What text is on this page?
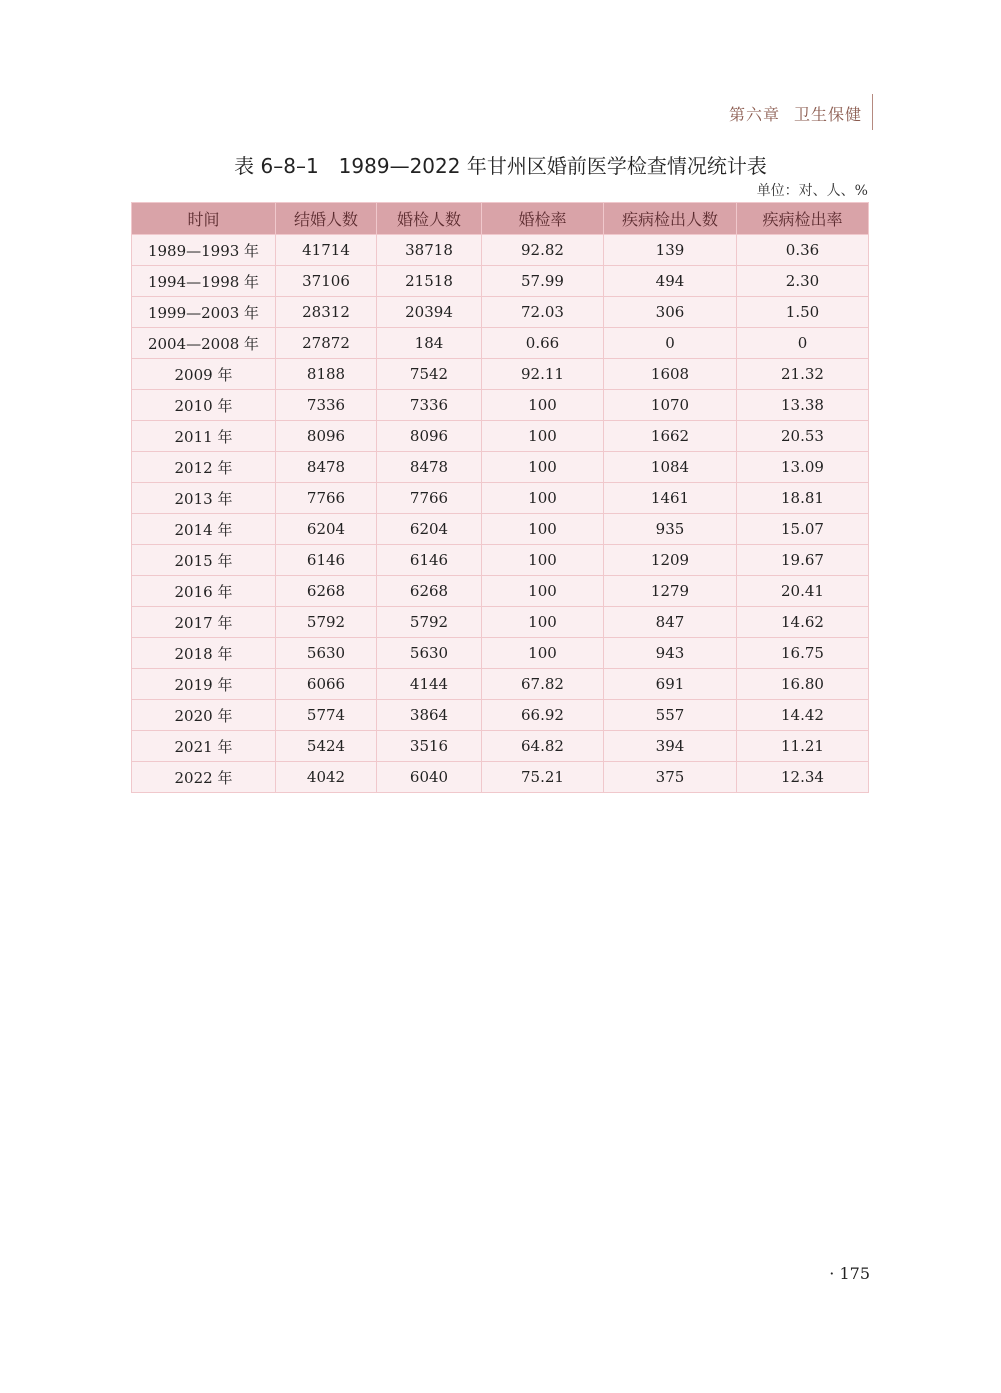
第六章 卫生保健
表 6–8–1　1989—2022 年甘州区婚前医学检查情况统计表
单位：对、人、%
时间	结婚人数	婚检人数	婚检率	疾病检出人数	疾病检出率
1989—1993 年	41714	38718	92.82	139	0.36
1994—1998 年	37106	21518	57.99	494	2.30
1999—2003 年	28312	20394	72.03	306	1.50
2004—2008 年	27872	184	0.66	0	0
2009 年	8188	7542	92.11	1608	21.32
2010 年	7336	7336	100	1070	13.38
2011 年	8096	8096	100	1662	20.53
2012 年	8478	8478	100	1084	13.09
2013 年	7766	7766	100	1461	18.81
2014 年	6204	6204	100	935	15.07
2015 年	6146	6146	100	1209	19.67
2016 年	6268	6268	100	1279	20.41
2017 年	5792	5792	100	847	14.62
2018 年	5630	5630	100	943	16.75
2019 年	6066	4144	67.82	691	16.80
2020 年	5774	3864	66.92	557	14.42
2021 年	5424	3516	64.82	394	11.21
2022 年	4042	6040	75.21	375	12.34
· 175
